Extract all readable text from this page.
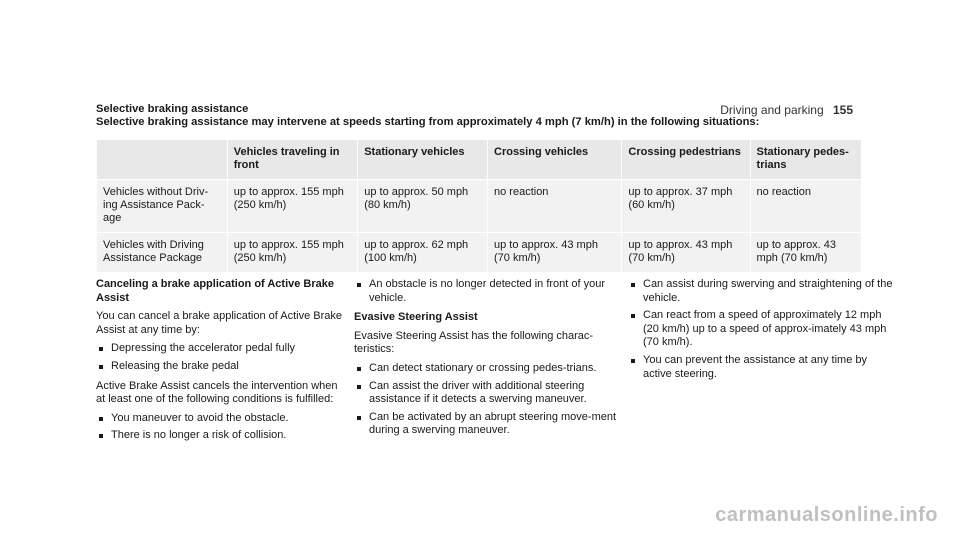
Driving and parking 155
Selective braking assistance
Selective braking assistance may intervene at speeds starting from approximately 4 mph (7 km/h) in the following situations:
	Vehicles traveling in front	Stationary vehicles	Crossing vehicles	Crossing pedestrians	Stationary pedes-trians
Vehicles without Driv-ing Assistance Pack-age	up to approx. 155 mph (250 km/h)	up to approx. 50 mph (80 km/h)	no reaction	up to approx. 37 mph (60 km/h)	no reaction
Vehicles with Driving Assistance Package	up to approx. 155 mph (250 km/h)	up to approx. 62 mph (100 km/h)	up to approx. 43 mph (70 km/h)	up to approx. 43 mph (70 km/h)	up to approx. 43 mph (70 km/h)
Canceling a brake application of Active Brake Assist
You can cancel a brake application of Active Brake Assist at any time by:
Depressing the accelerator pedal fully
Releasing the brake pedal
Active Brake Assist cancels the intervention when at least one of the following conditions is fulfilled:
You maneuver to avoid the obstacle.
There is no longer a risk of collision.
An obstacle is no longer detected in front of your vehicle.
Evasive Steering Assist
Evasive Steering Assist has the following charac-teristics:
Can detect stationary or crossing pedes-trians.
Can assist the driver with additional steering assistance if it detects a swerving maneuver.
Can be activated by an abrupt steering move-ment during a swerving maneuver.
Can assist during swerving and straightening of the vehicle.
Can react from a speed of approximately 12 mph (20 km/h) up to a speed of approx-imately 43 mph (70 km/h).
You can prevent the assistance at any time by active steering.
carmanualsonline.info
